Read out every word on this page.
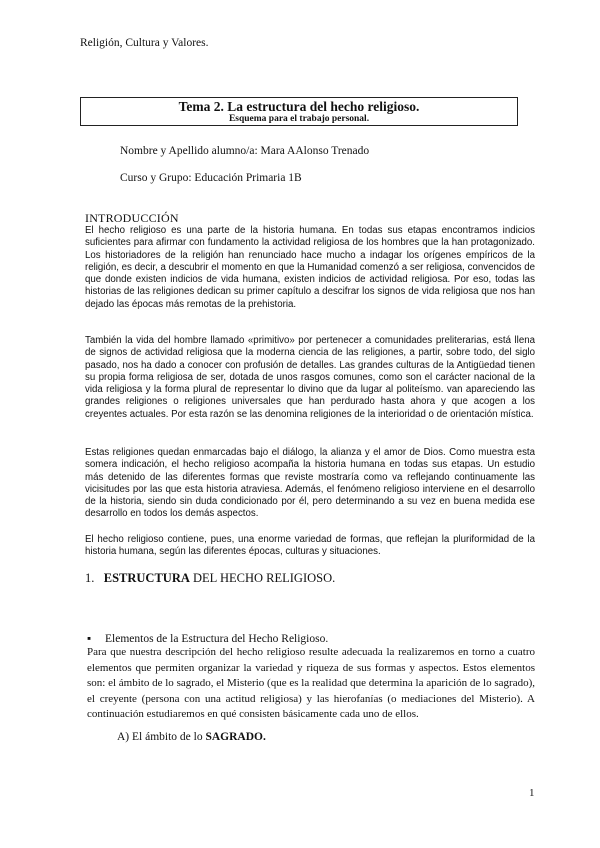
Religión, Cultura y Valores.
Tema 2. La estructura del hecho religioso.
Esquema para el trabajo personal.
Nombre y Apellido alumno/a: Mara AAlonso Trenado
Curso y Grupo: Educación Primaria 1B
INTRODUCCIÓN

El hecho religioso es una parte de la historia humana. En todas sus etapas encontramos indicios suficientes para afirmar con fundamento la actividad religiosa de los hombres que la han protagonizado. Los historiadores de la religión han renunciado hace mucho a indagar los orígenes empíricos de la religión, es decir, a descubrir el momento en que la Humanidad comenzó a ser religiosa, convencidos de que donde existen indicios de vida humana, existen indicios de actividad religiosa. Por eso, todas las historias de las religiones dedican su primer capítulo a descifrar los signos de vida religiosa que nos han dejado las épocas más remotas de la prehistoria.

También la vida del hombre llamado «primitivo» por pertenecer a comunidades preliterarias, está llena de signos de actividad religiosa que la moderna ciencia de las religiones, a partir, sobre todo, del siglo pasado, nos ha dado a conocer con profusión de detalles. Las grandes culturas de la Antigüedad tienen su propia forma religiosa de ser, dotada de unos rasgos comunes, como son el carácter nacional de la vida religiosa y la forma plural de representar lo divino que da lugar al politeísmo. van apareciendo las grandes religiones o religiones universales que han perdurado hasta ahora y que acogen a los creyentes actuales. Por esta razón se las denomina religiones de la interioridad o de orientación mística.

Estas religiones quedan enmarcadas bajo el diálogo, la alianza y el amor de Dios. Como muestra esta somera indicación, el hecho religioso acompaña la historia humana en todas sus etapas. Un estudio más detenido de las diferentes formas que reviste mostraría como va reflejando continuamente las vicisitudes por las que esta historia atraviesa. Además, el fenómeno religioso interviene en el desarrollo de la historia, siendo sin duda condicionado por él, pero determinando a su vez en buena medida ese desarrollo en todos los demás aspectos.

El hecho religioso contiene, pues, una enorme variedad de formas, que reflejan la pluriformidad de la historia humana, según las diferentes épocas, culturas y situaciones.

1. ESTRUCTURA DEL HECHO RELIGIOSO.
▪ Elementos de la Estructura del Hecho Religioso.

Para que nuestra descripción del hecho religioso resulte adecuada la realizaremos en torno a cuatro elementos que permiten organizar la variedad y riqueza de sus formas y aspectos. Estos elementos son: el ámbito de lo sagrado, el Misterio (que es la realidad que determina la aparición de lo sagrado), el creyente (persona con una actitud religiosa) y las hierofanías (o mediaciones del Misterio). A continuación estudiaremos en qué consisten básicamente cada uno de ellos.

A) El ámbito de lo SAGRADO.
1
